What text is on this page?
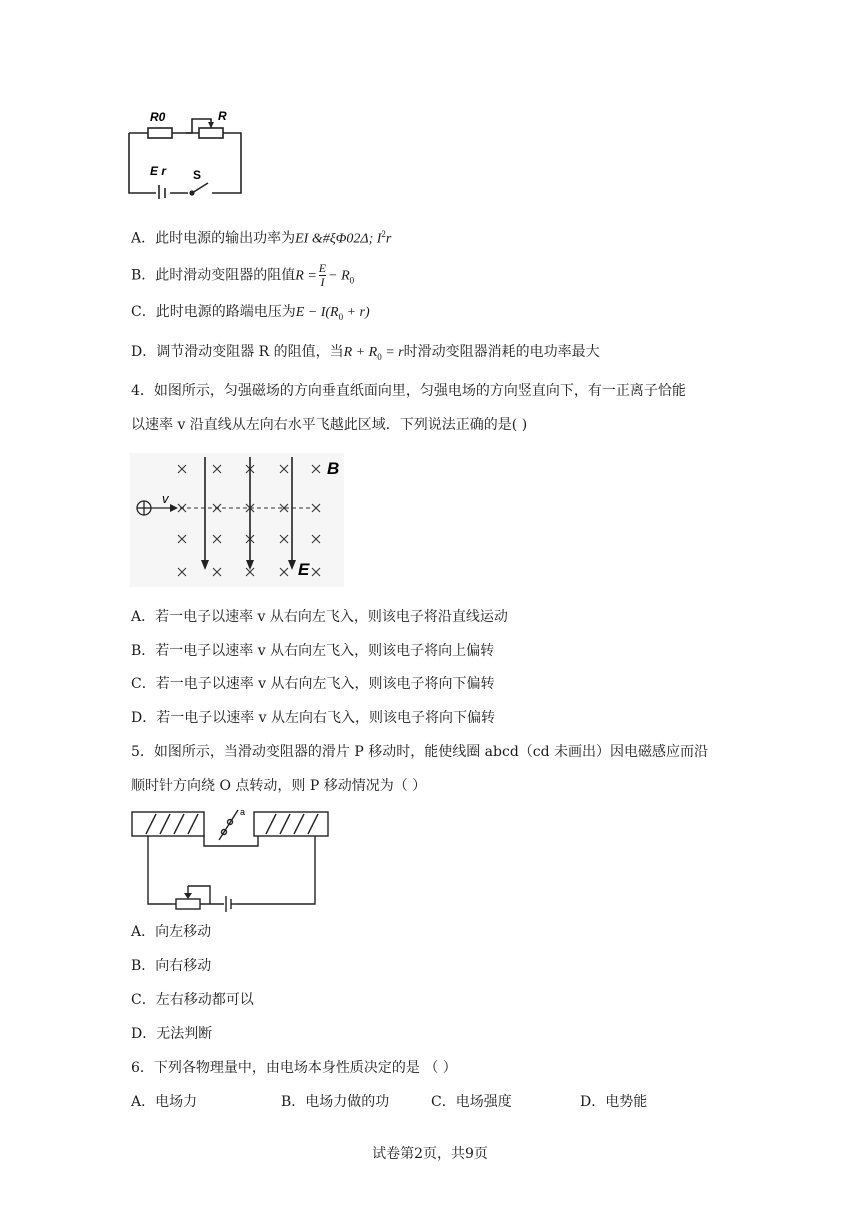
R0	R
E r S
A．此时电源的输出功率为EI &#ξΦ02Δ; $I^2r$
B．此时滑动变阻器的阻值$R = \frac{E}{I} - R_0$
C．此时电源的路端电压为$E - I(R_0 + r)$
D．调节滑动变阻器 R 的阻值，当$R + R_0 = r$时滑动变阻器消耗的电功率最大
4．如图所示，匀强磁场的方向垂直纸面向里，匀强电场的方向竖直向下，有一正离子恰能
以速率 v 沿直线从左向右水平飞越此区域．下列说法正确的是( )
v
B
E
A．若一电子以速率 v 从右向左飞入，则该电子将沿直线运动
B．若一电子以速率 v 从右向左飞入，则该电子将向上偏转
C．若一电子以速率 v 从右向左飞入，则该电子将向下偏转
D．若一电子以速率 v 从左向右飞入，则该电子将向下偏转
5．如图所示，当滑动变阻器的滑片 P 移动时，能使线圈 abcd（cd 未画出）因电磁感应而沿
顺时针方向绕 O 点转动，则 P 移动情况为（ ）
a
A．向左移动
B．向右移动
C．左右移动都可以
D．无法判断
6．下列各物理量中，由电场本身性质决定的是 （ ）
A．电场力	B．电场力做的功	C．电场强度	D．电势能
试卷第2页，共9页
